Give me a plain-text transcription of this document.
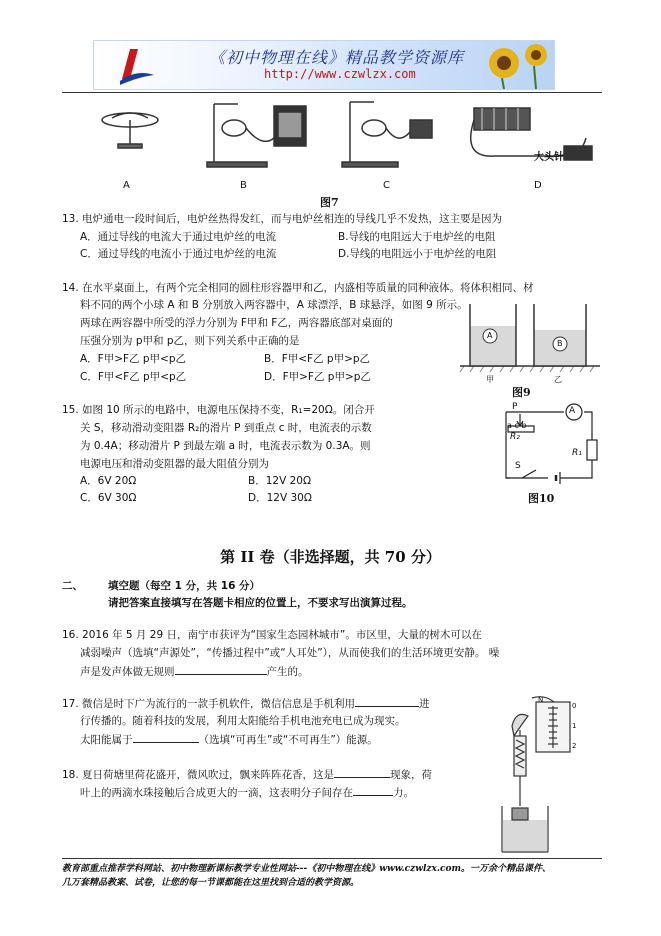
《初中物理在线》精品教学资源库
http://www.czwlzx.com
A	B	C	D
大头针
图7
13. 电炉通电一段时间后，电炉丝热得发红，而与电炉丝相连的导线几乎不发热，这主要是因为
A．通过导线的电流大于通过电炉丝的电流	B.导线的电阻远大于电炉丝的电阻
C．通过导线的电流小于通过电炉丝的电流	D.导线的电阻远小于电炉丝的电阻
14. 在水平桌面上，有两个完全相同的圆柱形容器甲和乙，内盛相等质量的同种液体。将体积相同、材
料不同的两个小球 A 和 B 分别放入两容器中，A 球漂浮，B 球悬浮，如图 9 所示。
两球在两容器中所受的浮力分别为 F甲和 F乙，两容器底部对桌面的
压强分别为 p甲和 p乙，则下列关系中正确的是
A．F甲>F乙 p甲<p乙	B．F甲<F乙 p甲>p乙
C．F甲<F乙 p甲<p乙	D．F甲>F乙 p甲>p乙
A
B
甲	乙
图9
15. 如图 10 所示的电路中，电源电压保持不变，R₁=20Ω。闭合开
关 S，移动滑动变阻器 R₂的滑片 P 到重点 c 时，电流表的示数
为 0.4A；移动滑片 P 到最左端 a 时，电流表示数为 0.3A。则
电源电压和滑动变阻器的最大阻值分别为
A．6V 20Ω	B．12V 20Ω
C．6V 30Ω	D．12V 30Ω
A
P
a c b
R₂
R₁
S
图10
第 II 卷（非选择题，共 70 分）
二、 填空题（每空 1 分，共 16 分）
请把答案直接填写在答题卡相应的位置上，不要求写出演算过程。
16. 2016 年 5 月 29 日，南宁市获评为“国家生态园林城市”。市区里，大量的树木可以在
减弱噪声（选填“声源处”，“传播过程中”或“人耳处”），从而使我们的生活环境更安静。 噪
声是发声体做无规则	产生的。
17. 微信是时下广为流行的一款手机软件，微信信息是手机利用	进
行传播的。随着科技的发展，利用太阳能给手机电池充电已成为现实。
太阳能属于	（选填“可再生”或“不可再生”）能源。
18. 夏日荷塘里荷花盛开，微风吹过，飘来阵阵花香，这是	现象，荷
叶上的两滴水珠接触后合成更大的一滴，这表明分子间存在	力。
N
0
1
2
教育部重点推荐学科网站、初中物理新课标教学专业性网站---《初中物理在线》www.czwlzx.com。一万余个精品课件、
几万套精品教案、试卷，让您的每一节课都能在这里找到合适的教学资源。
